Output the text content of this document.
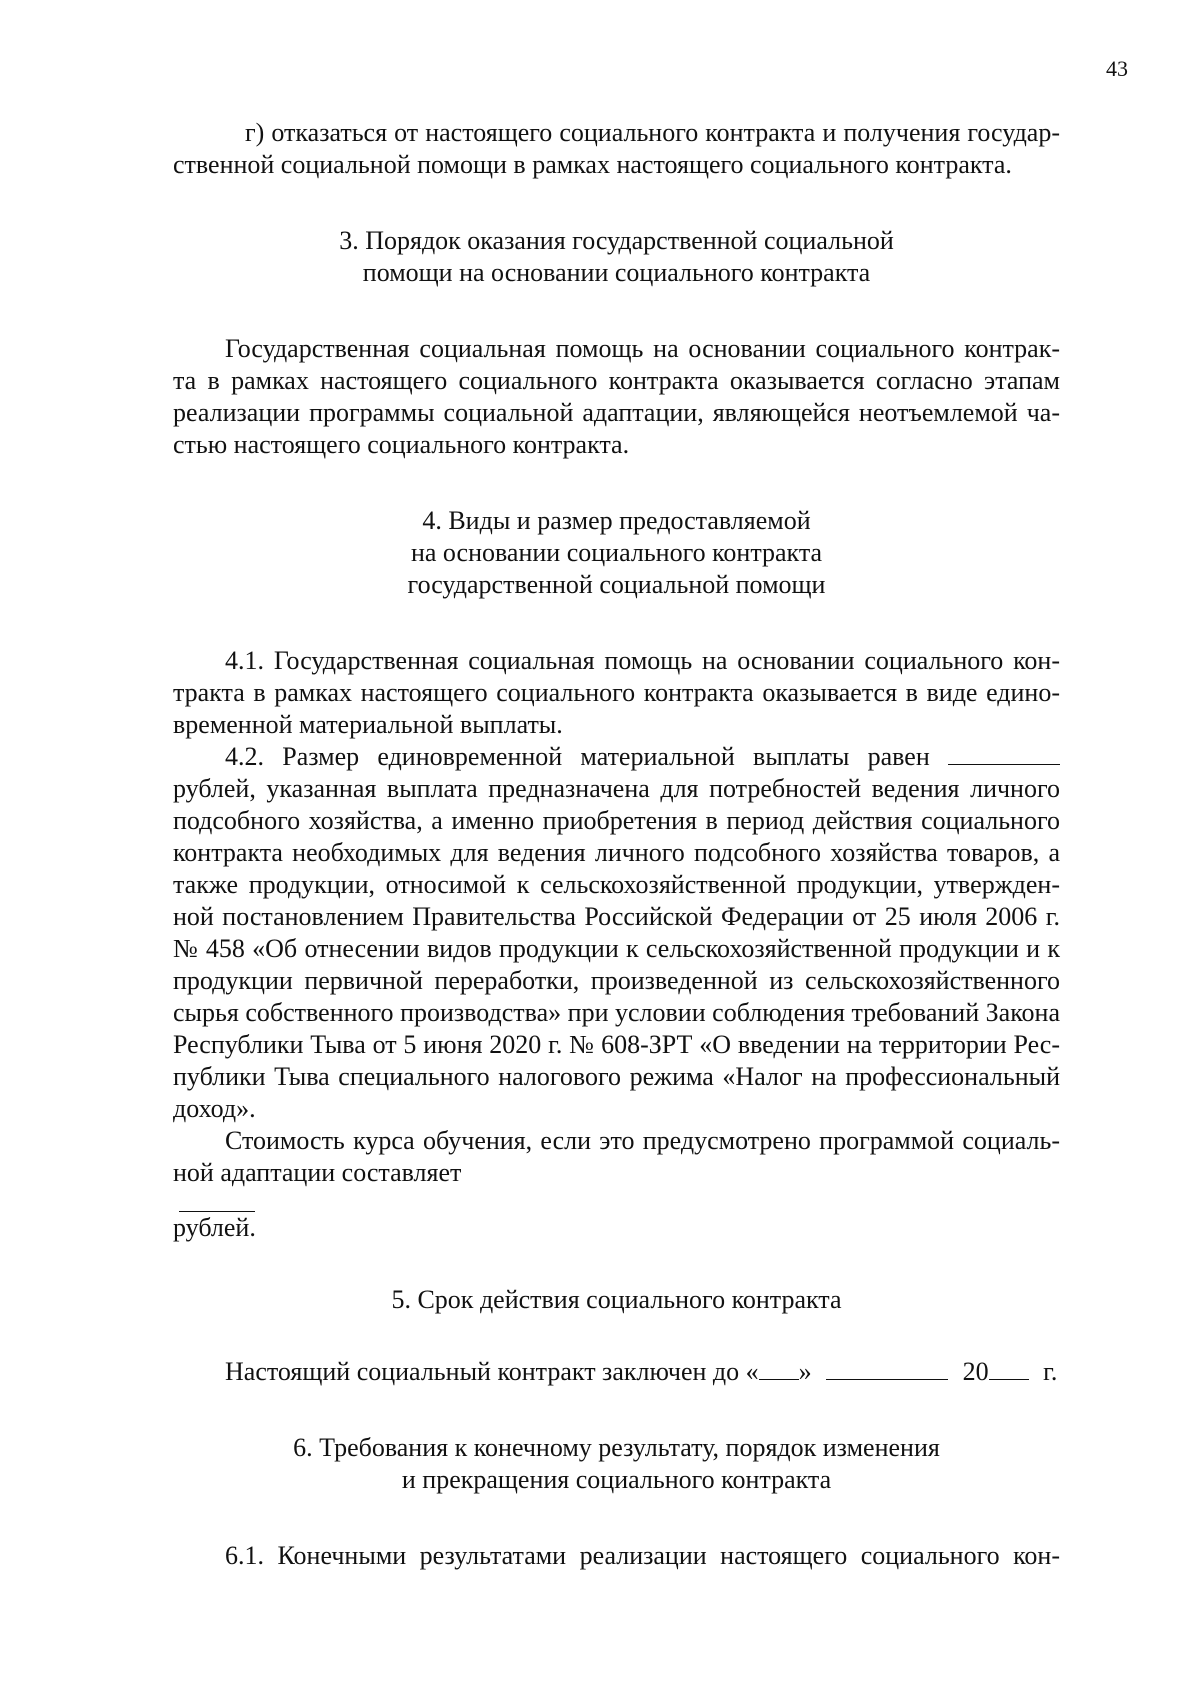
43
г) отказаться от настоящего социального контракта и получения государ-
ственной социальной помощи в рамках настоящего социального контракта.
3. Порядок оказания государственной социальной
помощи на основании социального контракта
Государственная социальная помощь на основании социального контрак-
та в рамках настоящего социального контракта оказывается согласно этапам
реализации программы социальной адаптации, являющейся неотъемлемой ча-
стью настоящего социального контракта.
4. Виды и размер предоставляемой
на основании социального контракта
государственной социальной помощи
4.1. Государственная социальная помощь на основании социального кон-
тракта в рамках настоящего социального контракта оказывается в виде едино-
временной материальной выплаты.
4.2. Размер единовременной материальной выплаты равен
рублей, указанная выплата предназначена для потребностей ведения личного
подсобного хозяйства, а именно приобретения в период действия социального
контракта необходимых для ведения личного подсобного хозяйства товаров, а
также продукции, относимой к сельскохозяйственной продукции, утвержден-
ной постановлением Правительства Российской Федерации от 25 июля 2006 г.
№ 458 «Об отнесении видов продукции к сельскохозяйственной продукции и к
продукции первичной переработки, произведенной из сельскохозяйственного
сырья собственного производства» при условии соблюдения требований Закона
Республики Тыва от 5 июня 2020 г. № 608-ЗРТ «О введении на территории Рес-
публики Тыва специального налогового режима «Налог на профессиональный
доход».
Стоимость курса обучения, если это предусмотрено программой социаль-
ной адаптации составляет
рублей.
5. Срок действия социального контракта
Настоящий социальный контракт заключен до « »	20 г.
6. Требования к конечному результату, порядок изменения
и прекращения социального контракта
6.1. Конечными результатами реализации настоящего социального кон-
